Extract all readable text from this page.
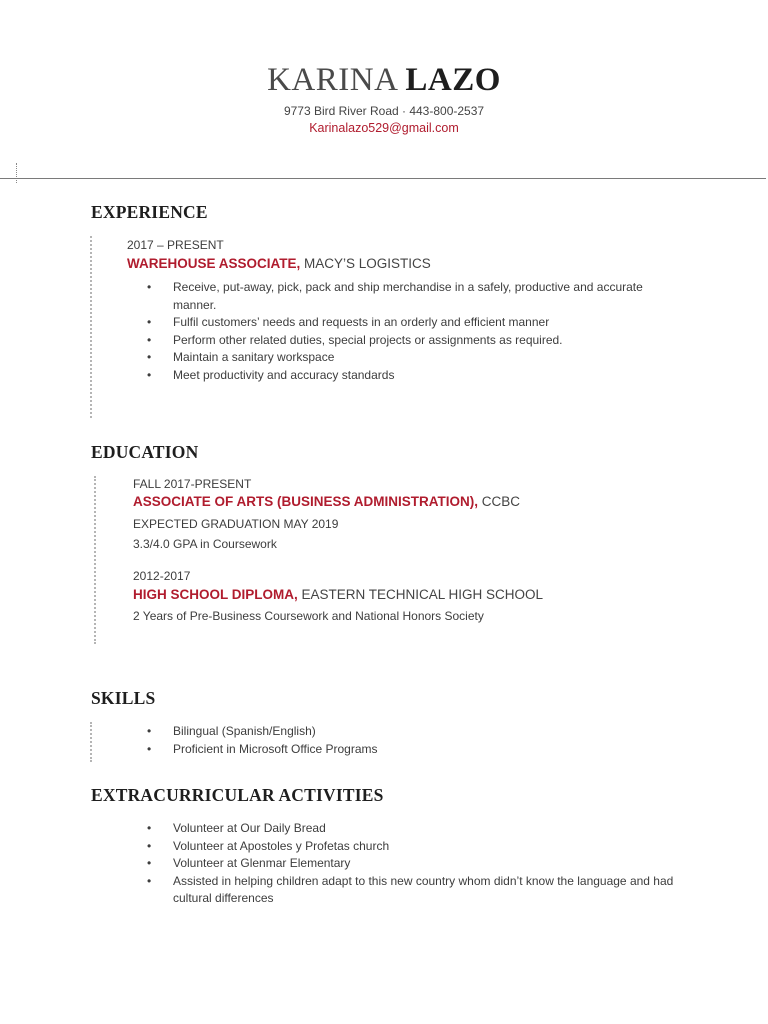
KARINA LAZO
9773 Bird River Road · 443-800-2537
Karinalazo529@gmail.com
EXPERIENCE
2017 – PRESENT
WAREHOUSE ASSOCIATE, MACY’S LOGISTICS
• Receive, put-away, pick, pack and ship merchandise in a safely, productive and accurate manner.
• Fulfil customers’ needs and requests in an orderly and efficient manner
• Perform other related duties, special projects or assignments as required.
• Maintain a sanitary workspace
• Meet productivity and accuracy standards
EDUCATION
FALL 2017-PRESENT
ASSOCIATE OF ARTS (BUSINESS ADMINISTRATION), CCBC
EXPECTED GRADUATION MAY 2019
3.3/4.0 GPA in Coursework
2012-2017
HIGH SCHOOL DIPLOMA, EASTERN TECHNICAL HIGH SCHOOL
2 Years of Pre-Business Coursework and National Honors Society
SKILLS
• Bilingual (Spanish/English)
• Proficient in Microsoft Office Programs
EXTRACURRICULAR ACTIVITIES
• Volunteer at Our Daily Bread
• Volunteer at Apostoles y Profetas church
• Volunteer at Glenmar Elementary
• Assisted in helping children adapt to this new country whom didn’t know the language and had cultural differences
